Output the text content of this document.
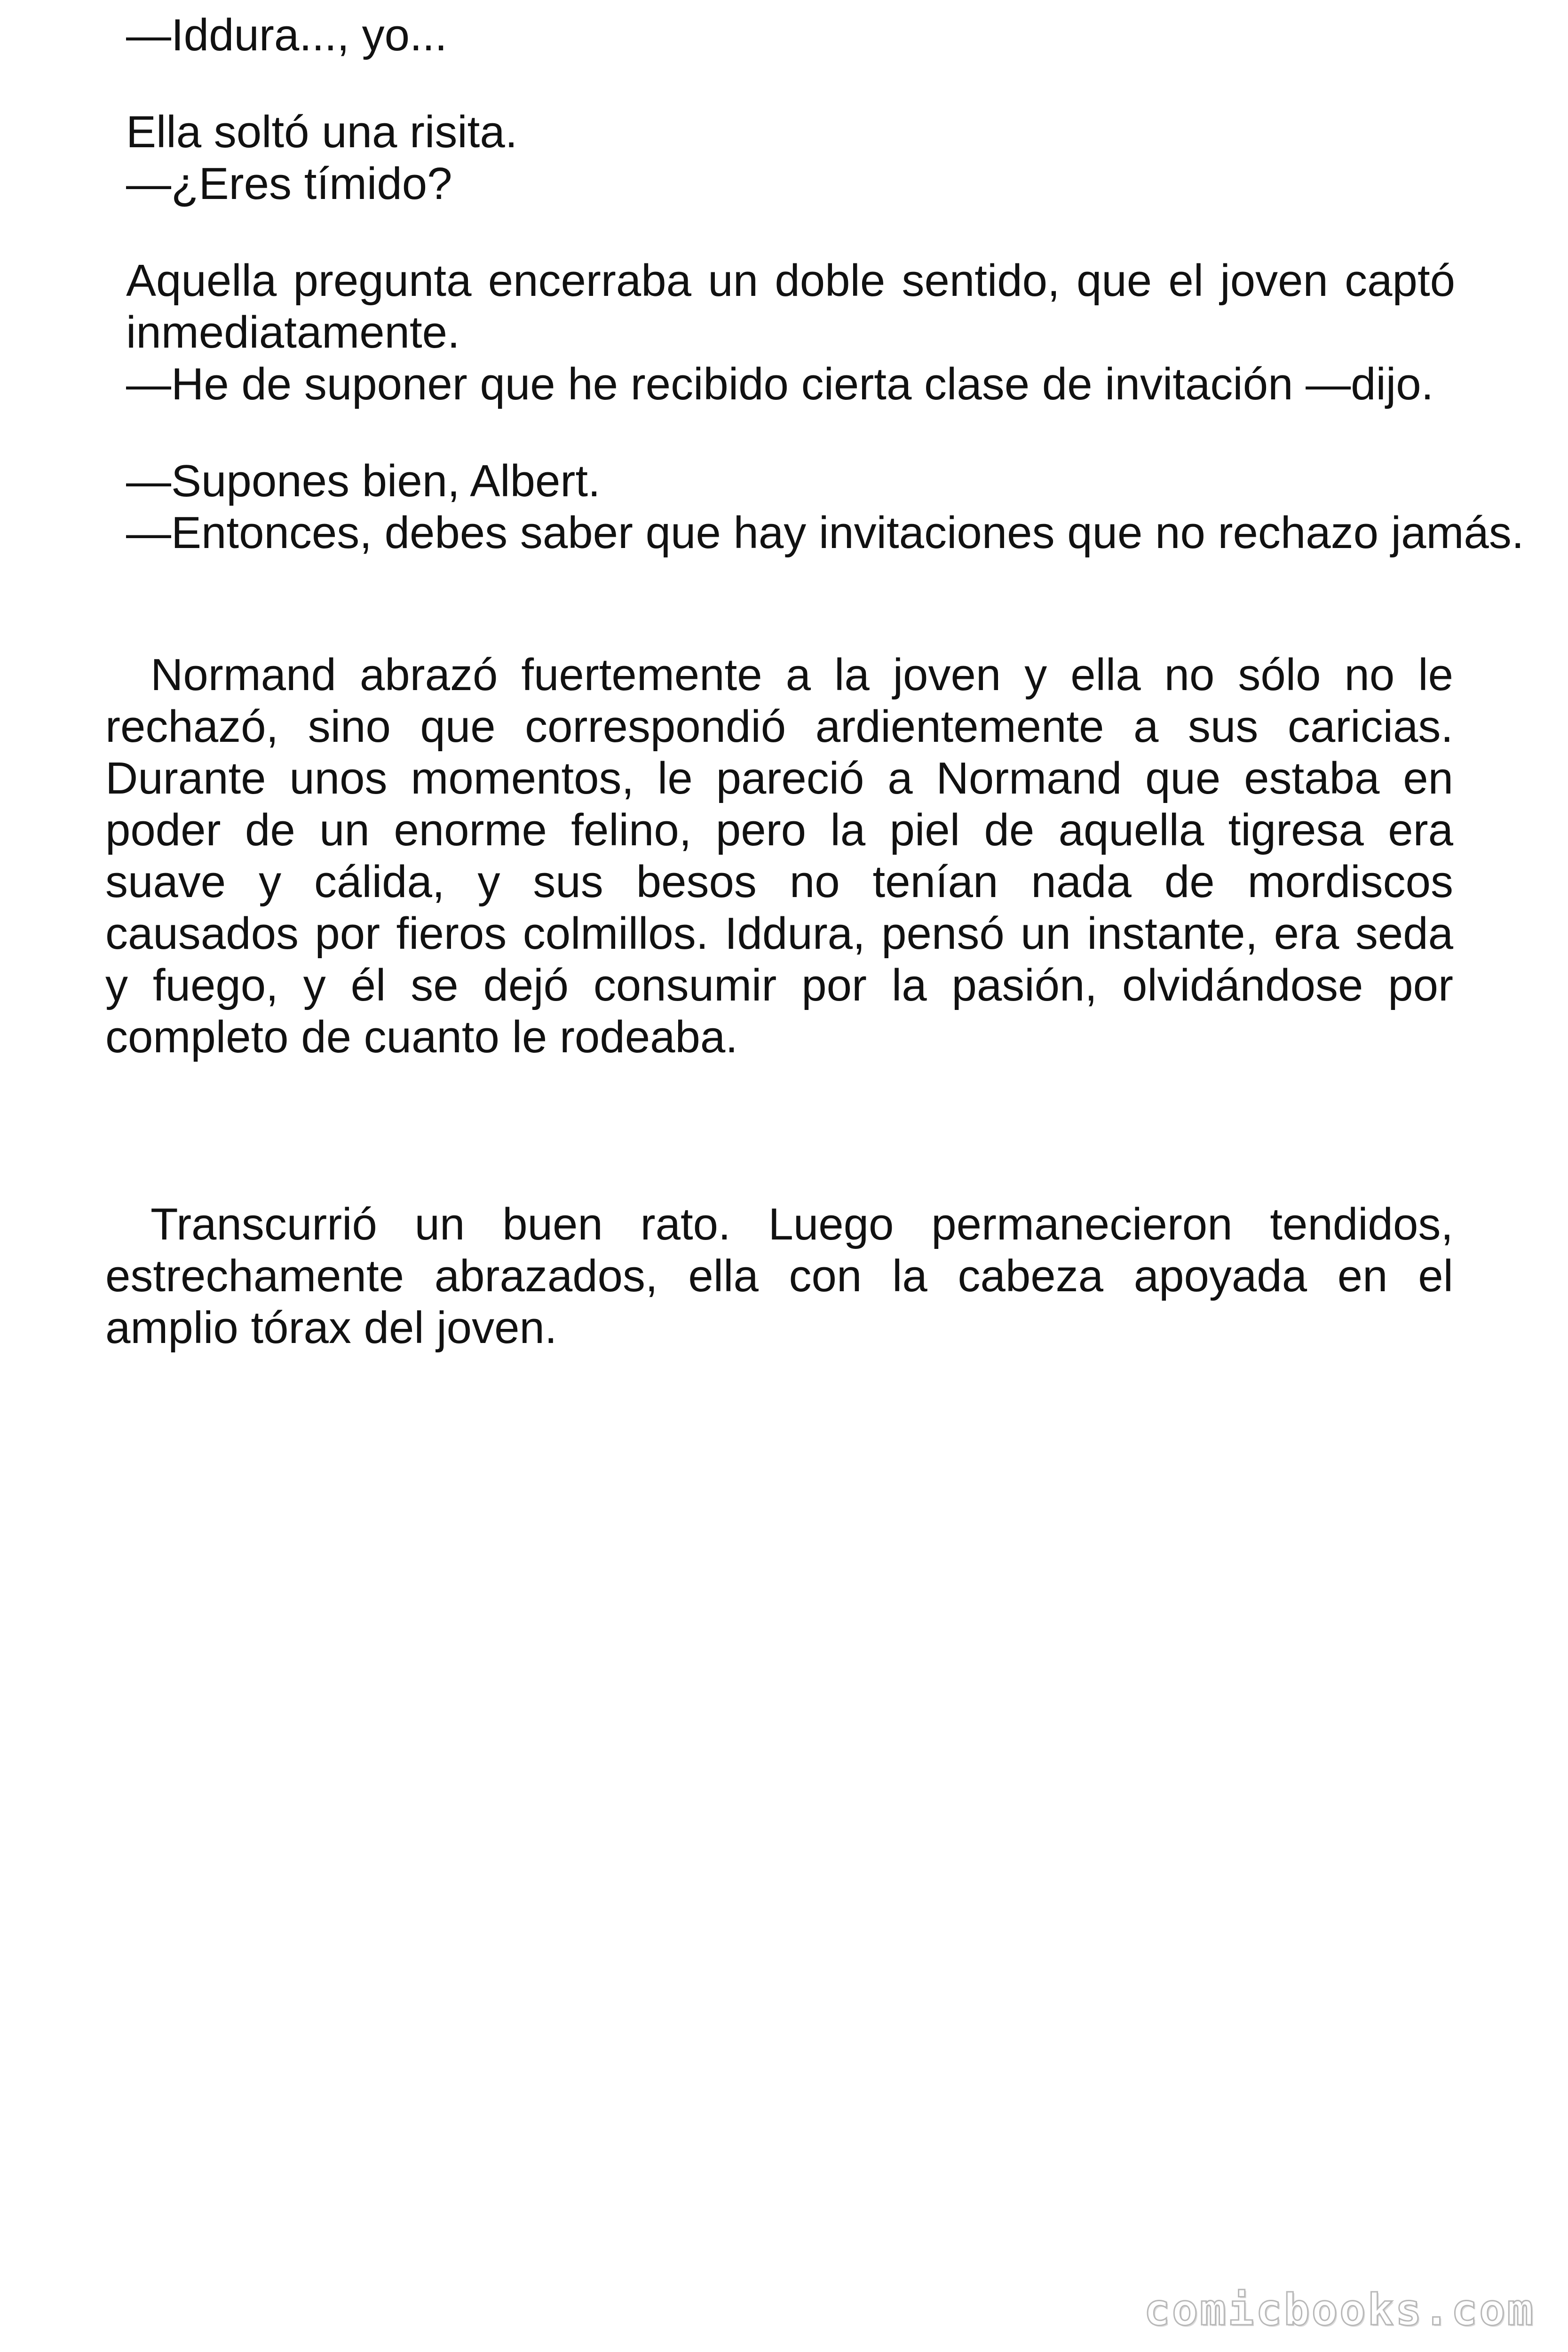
—Iddura..., yo...

Ella soltó una risita.

—¿Eres tímido?

Aquella pregunta encerraba un doble sentido, que el joven captó

inmediatamente.

—He de suponer que he recibido cierta clase de invitación —dijo.

—Supones bien, Albert.

—Entonces, debes saber que hay invitaciones que no rechazo jamás.

Normand abrazó fuertemente a la joven y ella no sólo no le rechazó, sino que correspondió ardientemente a sus caricias. Durante unos momentos, le pareció a Normand que estaba en poder de un enorme felino, pero la piel de aquella tigresa era suave y cálida, y sus besos no tenían nada de mordiscos causados por fieros colmillos. Iddura, pensó un instante, era seda y fuego, y él se dejó consumir por la pasión, olvidándose por completo de cuanto le rodeaba.

Transcurrió un buen rato. Luego permanecieron tendidos, estrechamente abrazados, ella con la cabeza apoyada en el amplio tórax del joven.

comicbooks.com
